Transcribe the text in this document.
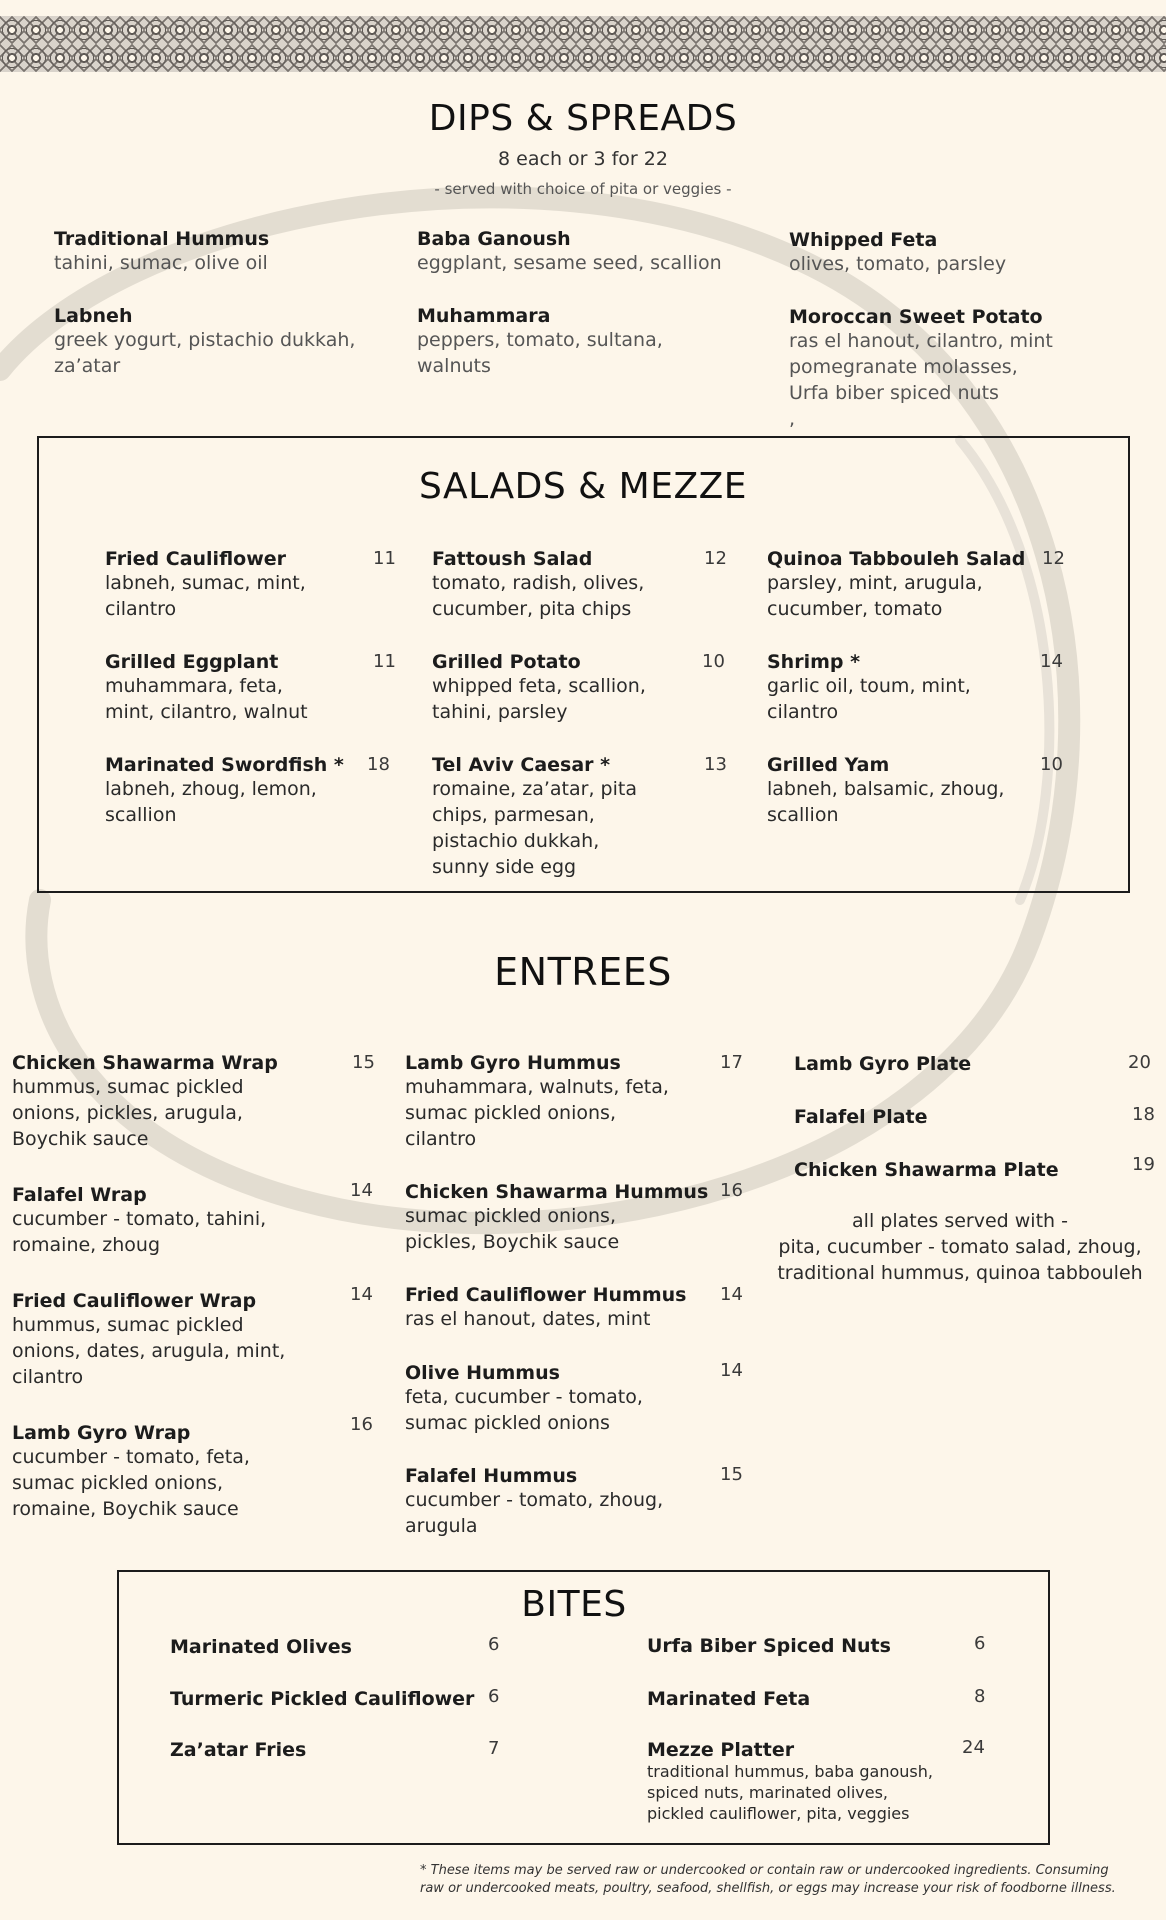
DIPS & SPREADS
8 each or 3 for 22
- served with choice of pita or veggies -
Traditional Hummus
tahini, sumac, olive oil
Baba Ganoush
eggplant, sesame seed, scallion
Whipped Feta
olives, tomato, parsley
Labneh
greek yogurt, pistachio dukkah,
za’atar
Muhammara
peppers, tomato, sultana,
walnuts
Moroccan Sweet Potato
ras el hanout, cilantro, mint
pomegranate molasses,
Urfa biber spiced nuts
,
SALADS & MEZZE
Fried Cauliflower
labneh, sumac, mint,
cilantro
11
Grilled Eggplant
muhammara, feta,
mint, cilantro, walnut
11
Marinated Swordfish *
labneh, zhoug, lemon,
scallion
18
Fattoush Salad
tomato, radish, olives,
cucumber, pita chips
12
Grilled Potato
whipped feta, scallion,
tahini, parsley
10
Tel Aviv Caesar *
romaine, za’atar, pita
chips, parmesan,
pistachio dukkah,
sunny side egg
13
Quinoa Tabbouleh Salad
parsley, mint, arugula,
cucumber, tomato
12
Shrimp *
garlic oil, toum, mint,
cilantro
14
Grilled Yam
labneh, balsamic, zhoug,
scallion
10
ENTREES
Chicken Shawarma Wrap
hummus, sumac pickled
onions, pickles, arugula,
Boychik sauce
15
Falafel Wrap
cucumber - tomato, tahini,
romaine, zhoug
14
Fried Cauliflower Wrap
hummus, sumac pickled
onions, dates, arugula, mint,
cilantro
14
Lamb Gyro Wrap
cucumber - tomato, feta,
sumac pickled onions,
romaine, Boychik sauce
16
Lamb Gyro Hummus
muhammara, walnuts, feta,
sumac pickled onions,
cilantro
17
Chicken Shawarma Hummus
sumac pickled onions,
pickles, Boychik sauce
16
Fried Cauliflower Hummus
ras el hanout, dates, mint
14
Olive Hummus
feta, cucumber - tomato,
sumac pickled onions
14
Falafel Hummus
cucumber - tomato, zhoug,
arugula
15
Lamb Gyro Plate	20
Falafel Plate	18
Chicken Shawarma Plate	19
all plates served with -
pita, cucumber - tomato salad, zhoug,
traditional hummus, quinoa tabbouleh
BITES
Marinated Olives	6
Turmeric Pickled Cauliflower 6
Za’atar Fries	7
Urfa Biber Spiced Nuts	6
Marinated Feta	8
Mezze Platter
traditional hummus, baba ganoush,
spiced nuts, marinated olives,
pickled cauliflower, pita, veggies
24
* These items may be served raw or undercooked or contain raw or undercooked ingredients. Consuming
raw or undercooked meats, poultry, seafood, shellfish, or eggs may increase your risk of foodborne illness.
